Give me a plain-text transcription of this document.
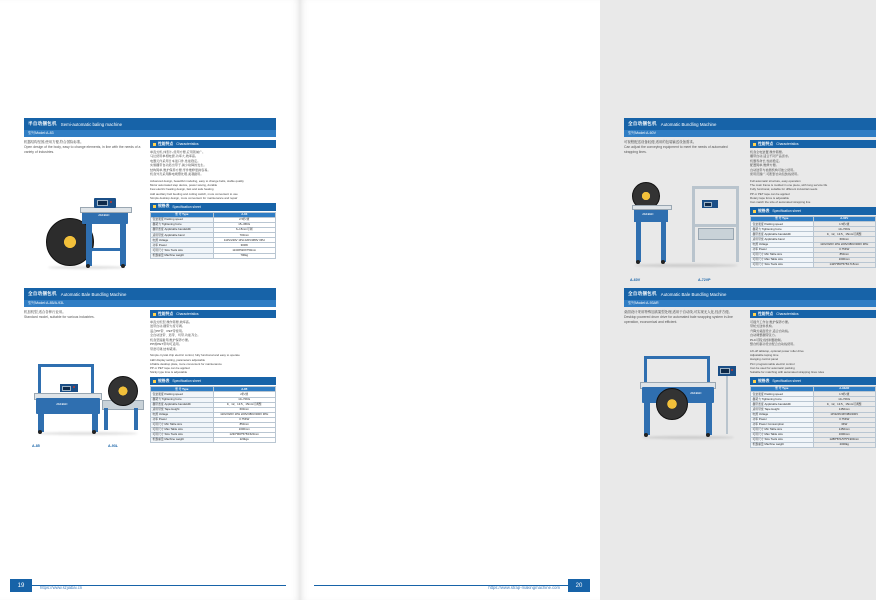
半自动捆包机 Semi-automatic baling machine
型号Model:A-83
机器结构坚固,使用方便,符合国际标准。
Open design of the body, easy to change elements, in line with the needs of a variety of industries.
JIABAI
性能特点 Characteristics
单直式机,体型小,使用方便,应用领域广。
马达使用单相电源,功率大,效率高。
电器元件采用日本进口件,性能稳定。
实施捆带自动退出带子,减少故障的发生。
结构简单,维护保养方便,零件维修更换容易。
机身外壳采用静电喷塑处理,美观耐用。
Advanced design, beautiful modeling, easy to change belts, stable quality
Motor automated step device, power saving, durable
Few electric heating design, fast and safe heating
Add auxiliary belt feeding and cutting switch, more convenient to use
Simple desktop design, more convenient for maintenance and repair
规格表 Specification sheet
型 号 Type	A-83
包装速度 Packing speed	2.5秒/道
捆紧力 Tightening force	15~45KG
捆带宽度 Applicable bandwidth	6~15mm可调
适用带宽 Applicable band	700mm
电源 Voltage	110V/220V 1PH 220V/380V 3PH
功率 Power	300W
可用尺寸 Size Tools size	1130X520X750mm
机器重量 Machine weight	700kg
全自动捆包机 Automatic Bale Bundling Machine
型号Model:A-85/A-93L
机加机型,适合各种行业用。
Standard model, suitable for various industries.
JIABAI
A-85	A-93L
性能特点 Characteristics
单直式机型,操作简便,效率高。
送带自动,捆带力度可调。
适合PP带、PET带使用。
全自动送带、退带、切带,功能齐全。
机身坚固耐用,维护保养方便。
PP或PET带均可适用。
带宽可调,结构紧凑。
Simple crystal chip electric control, fully functional and easy to operate
LED display setting, parameters adjustable
Liftable desktop plate, more convenient for maintenance
PP or PET tape can be applied
Sticky type time is adjustable
规格表 Specification sheet
型 号 Type	A-85
包装速度 Packing speed	2秒/道
捆紧力 Tightening force	10~70KG
捆带宽度 Applicable bandwidth	9、12、13.5、15mm可调整
适用带宽 Tape Height	600mm
电源 Voltage	110V/220V 1PH 220V/380V/400V 3PH
功率 Power	0.75KW
可用尺寸 Min Table size	850mm
可用尺寸 Max Table size	1600mm
可用尺寸 Size Tools size	1230*960*575/1520mm
机器重量 Machine weight	220kgs
19	https://www.szjiabai.cn
全自动捆包机 Automatic Bundling Machine
型号Model:A-60V
可视程配送设备轻便,适用的包装输送设备需求。
Can adjust the conveying equipment to meet the needs of automated strapping lines.
JIABAI
A-60V	A-72VP
性能特点 Characteristics
机身全电装置,操作简便。
捆带自动,适合不同产品需求。
机器寿命长,性能稳定。
配置简单,维修方便。
自动送带与检测机构可独立使用。
使用范围广,可配套自动包装线使用。
Full automatic structure, easy operation
The main frame is molded in one piece, with long service life
Fully functional, suitable for different industrial needs
PP or PET tape can be applied
Rotary tape force is adjustable
Can match the size of automated strapping line
规格表 Specification sheet
型 号 Type	A-60V
包装速度 Packing speed	1.5秒/道
捆紧力 Tightening force	10~70KG
捆带宽度 Applicable bandwidth	9、12、13.5、15mm可调整
适用带宽 Applicable band	600mm
电源 Voltage	110V/220V 1PH 220V/380V/400V 3PH
功率 Power	0.75KW
可用尺寸 Min Table size	850mm
可用尺寸 Max Table size	1600mm
可用尺寸 Size Tools size	1425*950*575/1715mm
全自动捆包机 Automatic Bale Bundling Machine
型号Model:A-93AR
桌面设计采用特殊加高架型处理,适用于自动线,可实现无人化,经济方便。
Desktop powered drum drive for automated bale wrapping system in-line operation, economical and efficient.
JIABAI
性能特点 Characteristics
可提升工作台,维护保养方便。
带轮式送料机构。
升降式桌面设计,适合自动线。
自动调整捆带张力。
PLC可程式控制器控制。
整台机驱动设计配合自动线使用。
Lift-off tabletop, optional power roller drive
Adjustable taping time
Hanging control panel
PLC programmable electric control
Can be used for automatic packing
Suitable for matching with automated strapping lines rules
规格表 Specification sheet
型 号 Type	A-93AR
包装速度 Packing speed	1.5秒/道
捆紧力 Tightening force	10~70KG
捆带宽度 Applicable bandwidth	9、12、13.5、15mm可调整
适用带宽 Tape Height	1450mm
电源 Voltage	1P/220V/3P/380/400V
功率 Power	0.75KW
功率 Power Consumption	3KW
可用尺寸 Min Table size	1450mm
可用尺寸 Max Table size	1600mm
可用尺寸 Size Tools size	1288*871/575*1900mm
机器重量 Machine weight	2000kg
20
https://www.strap-makingmachine.com
